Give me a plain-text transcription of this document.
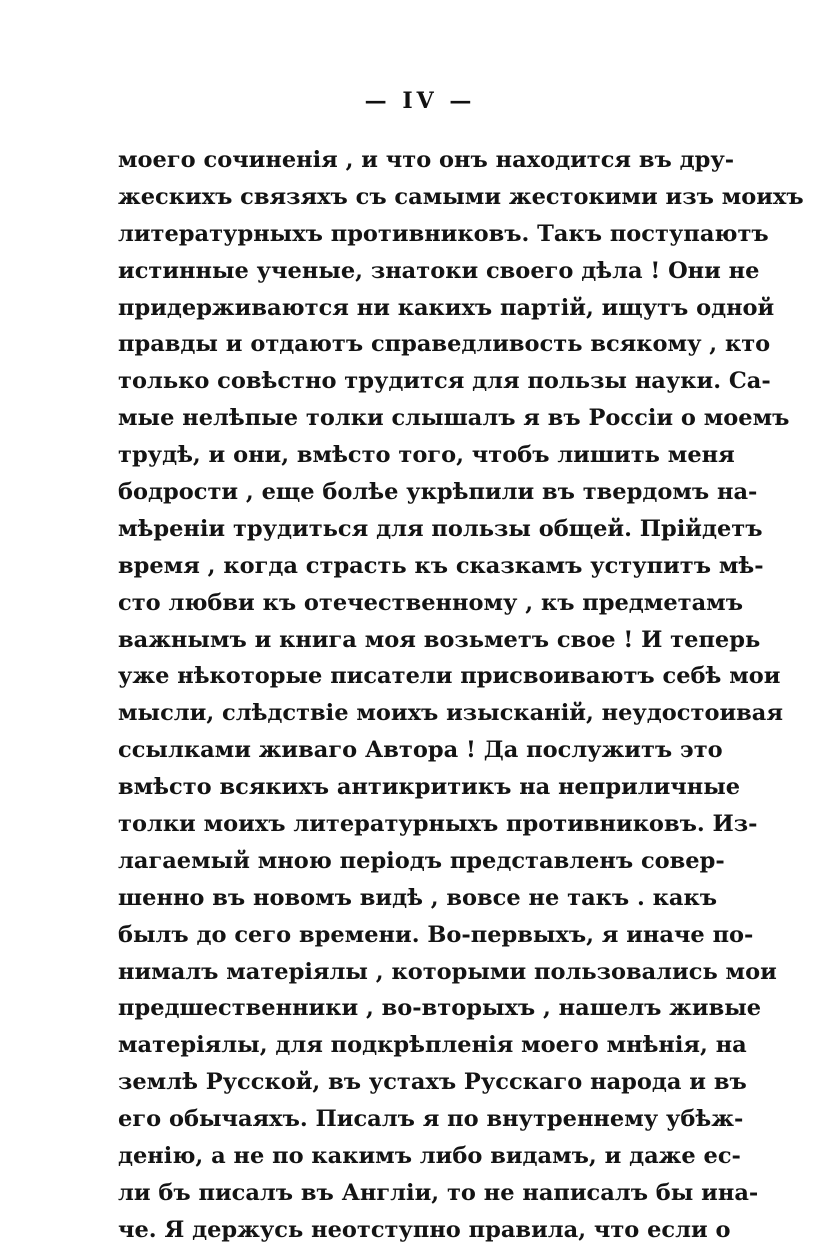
— IV —
моего сочиненія , и что онъ находится въ дру-
жескихъ связяхъ съ самыми жестокими изъ моихъ
литературныхъ противниковъ. Такъ поступаютъ
истинные ученые, знатоки своего дѣла ! Они не
придерживаются ни какихъ партій, ищутъ одной
правды и отдаютъ справедливость всякому , кто
только совѣстно трудится для пользы науки. Са-
мые нелѣпые толки слышалъ я въ Россіи о моемъ
трудѣ, и они, вмѣсто того, чтобъ лишить меня
бодрости , еще болѣе укрѣпили въ твердомъ на-
мѣреніи трудиться для пользы общей. Прійдетъ
время , когда страсть къ сказкамъ уступитъ мѣ-
сто любви къ отечественному , къ предметамъ
важнымъ и книга моя возьметъ свое ! И теперь
уже нѣкоторые писатели присвоиваютъ себѣ мои
мысли, слѣдствіе моихъ изысканій, неудостоивая
ссылками живаго Автора ! Да послужитъ это
вмѣсто всякихъ антикритикъ на неприличные
толки моихъ литературныхъ противниковъ. Из-
лагаемый мною періодъ представленъ совер-
шенно въ новомъ видѣ , вовсе не такъ . какъ
былъ до сего времени. Во-первыхъ, я иначе по-
нималъ матеріялы , которыми пользовались мои
предшественники , во-вторыхъ , нашелъ живые
матеріялы, для подкрѣпленія моего мнѣнія, на
землѣ Русской, въ устахъ Русскаго народа и въ
его обычаяхъ. Писалъ я по внутреннему убѣж-
денію, а не по какимъ либо видамъ, и даже ес-
ли бъ писалъ въ Англіи, то не написалъ бы ина-
че. Я держусь неотступно правила, что если о
